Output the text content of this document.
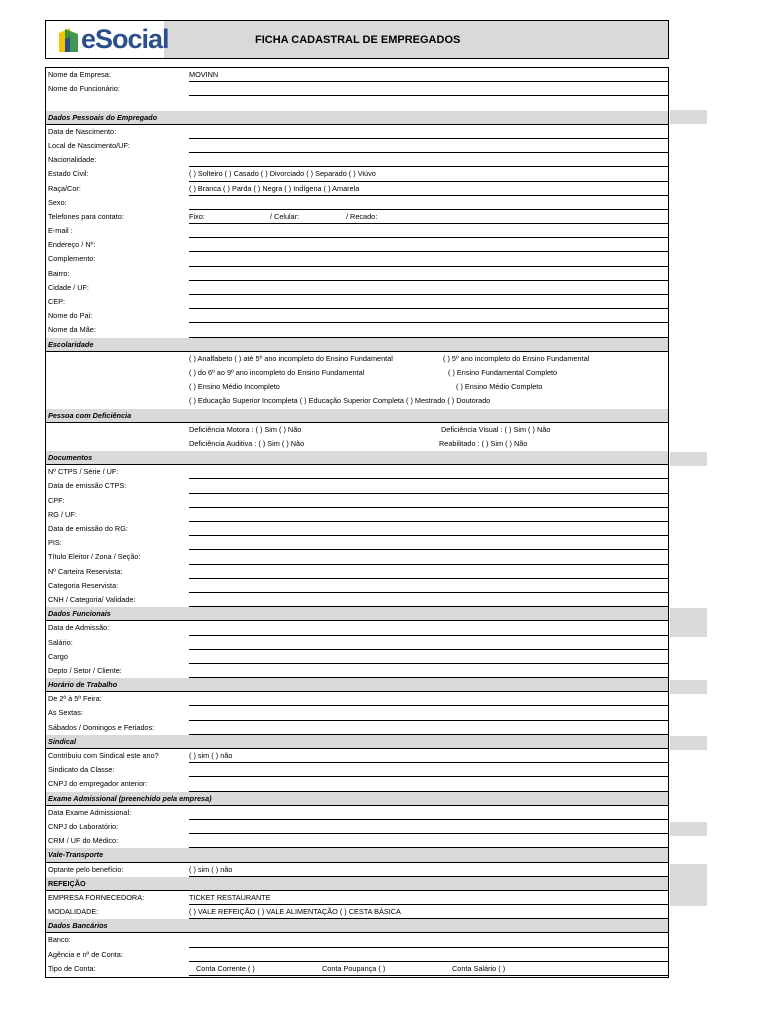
eSocial	FICHA CADASTRAL DE EMPREGADOS
Nome da Empresa:	MOVINN
Nome do Funcionário:
Dados Pessoais do Empregado
Data de Nascimento:
Local de Nascimento/UF:
Nacionalidade:
Estado Civil:	( ) Solteiro ( ) Casado ( ) Divorciado ( ) Separado ( ) Viúvo
Raça/Cor:	( ) Branca ( ) Parda ( ) Negra ( ) Indígena ( ) Amarela
Sexo:
Telefones para contato:	Fixo:	/ Celular:	/ Recado:
E-mail :
Endereço / Nº:
Complemento:
Bairro:
Cidade / UF:
CEP:
Nome do Pai:
Nome da Mãe:
Escolaridade
( ) Analfabeto ( ) até 5º ano incompleto do Ensino Fundamental	( ) 5º ano incompleto do Ensino Fundamental
( ) do 6º ao 9º ano incompleto do Ensino Fundamental	( ) Ensino Fundamental Completo
( ) Ensino Médio Incompleto	( ) Ensino Médio Completo
( ) Educação Superior Incompleta ( ) Educação Superior Completa ( ) Mestrado ( ) Doutorado
Pessoa com Deficiência
Deficiência Motora : ( ) Sim ( ) Não	Deficiência Visual : ( ) Sim ( ) Não
Deficiência Auditiva : ( ) Sim ( ) Não	Reabilitado : ( ) Sim ( ) Não
Documentos
Nº CTPS / Série / UF:
Data de emissão CTPS:
CPF:
RG / UF:
Data de emissão do RG:
PIS:
Título Eleitor / Zona / Seção:
Nº Carteira Reservista:
Categoria Reservista:
CNH / Categoria/ Validade:
Dados Funcionais
Data de Admissão:
Salário:
Cargo
Depto / Setor / Cliente:
Horário de Trabalho
De 2ª à 5ª Feira:
As Sextas:
Sábados / Domingos e Feriados:
Sindical
Contribuiu com Sindical este ano?	( ) sim ( ) não
Sindicato da Classe:
CNPJ do empregador anterior:
Exame Admissional (preenchido pela empresa)
Data Exame Admissional:
CNPJ do Laboratório:
CRM / UF do Médico:
Vale-Transporte
Optante pelo benefício:	( ) sim ( ) não
REFEIÇÃO
EMPRESA FORNECEDORA:	TICKET RESTAURANTE
MODALIDADE:	( ) VALE REFEIÇÃO ( ) VALE ALIMENTAÇÃO ( ) CESTA BÁSICA
Dados Bancários
Banco:
Agência e nº de Conta:
Tipo de Conta:	Conta Corrente ( )	Conta Poupança ( )	Conta Salário ( )
